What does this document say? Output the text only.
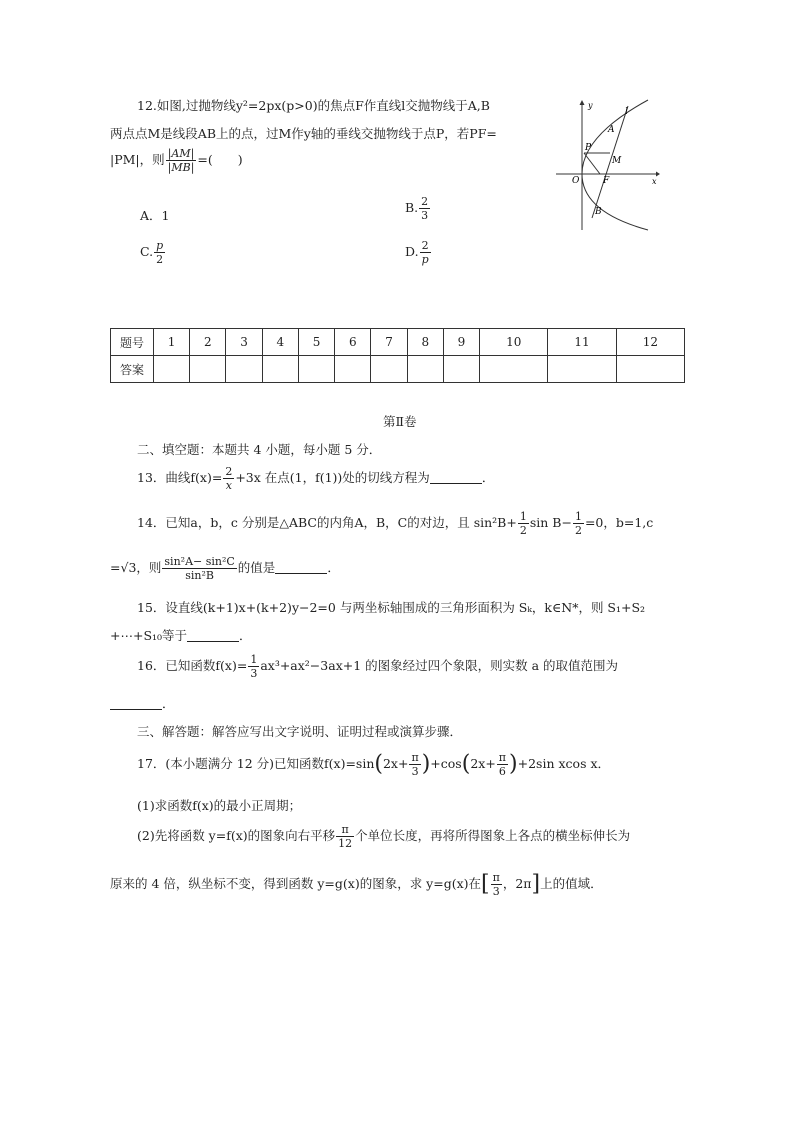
12.如图,过抛物线y²=2px(p>0)的焦点F作直线l交抛物线于A,B
两点点M是线段AB上的点，过M作y轴的垂线交抛物线于点P，若PF=
|PM|，则 $\frac{|AM|}{|MB|}$ =(　　)
A．1
B. $\frac{2}{3}$
C. $\frac{p}{2}$	D. $\frac{2}{p}$
y
x
O	F
A
B
M
P
l
题号	1	2	3	4	5	6	7	8	9	10	11	12
答案												
第Ⅱ卷
二、填空题：本题共 4 小题，每小题 5 分．
13．曲线$f(x)= \frac{2}{x} +3x$ 在点(1，f(1))处的切线方程为	．
14．已知a，b，c 分别是△ABC的内角A，B，C的对边，且 $\sin^2B+ \frac{1}{2}$ $\sin B- \frac{1}{2} =0$，b=1,c
=√3，则 $\frac{\text{sin²A− sin²C}}{\text{sin²B}}$ 的值是	．
15．设直线(k+1)x+(k+2)y−2=0 与两坐标轴围成的三角形面积为 Sₖ，k∈N*，则 S₁+S₂
+⋯+S₁₀等于	．
16．已知函数$f(x)= \frac{1}{3} ax^3+ax^2-3ax+1$ 的图象经过四个象限，则实数 a 的取值范围为
．
三、解答题：解答应写出文字说明、证明过程或演算步骤．
17．(本小题满分 12 分)已知函数$f(x)=\sin(2x+ \frac{\pi}{3} )+\cos(2x+ \frac{\pi}{6} )+2\sin$ xcos x．
(1)求函数f(x)的最小正周期；
(2)先将函数 y=f(x)的图象向右平移 $\frac{\pi}{12}$ 个单位长度，再将所得图象上各点的横坐标伸长为
原来的 4 倍，纵坐标不变，得到函数 y=g(x)的图象，求 y=g(x)在[ $\frac{\pi}{3}$ ，2π]上的值域．
